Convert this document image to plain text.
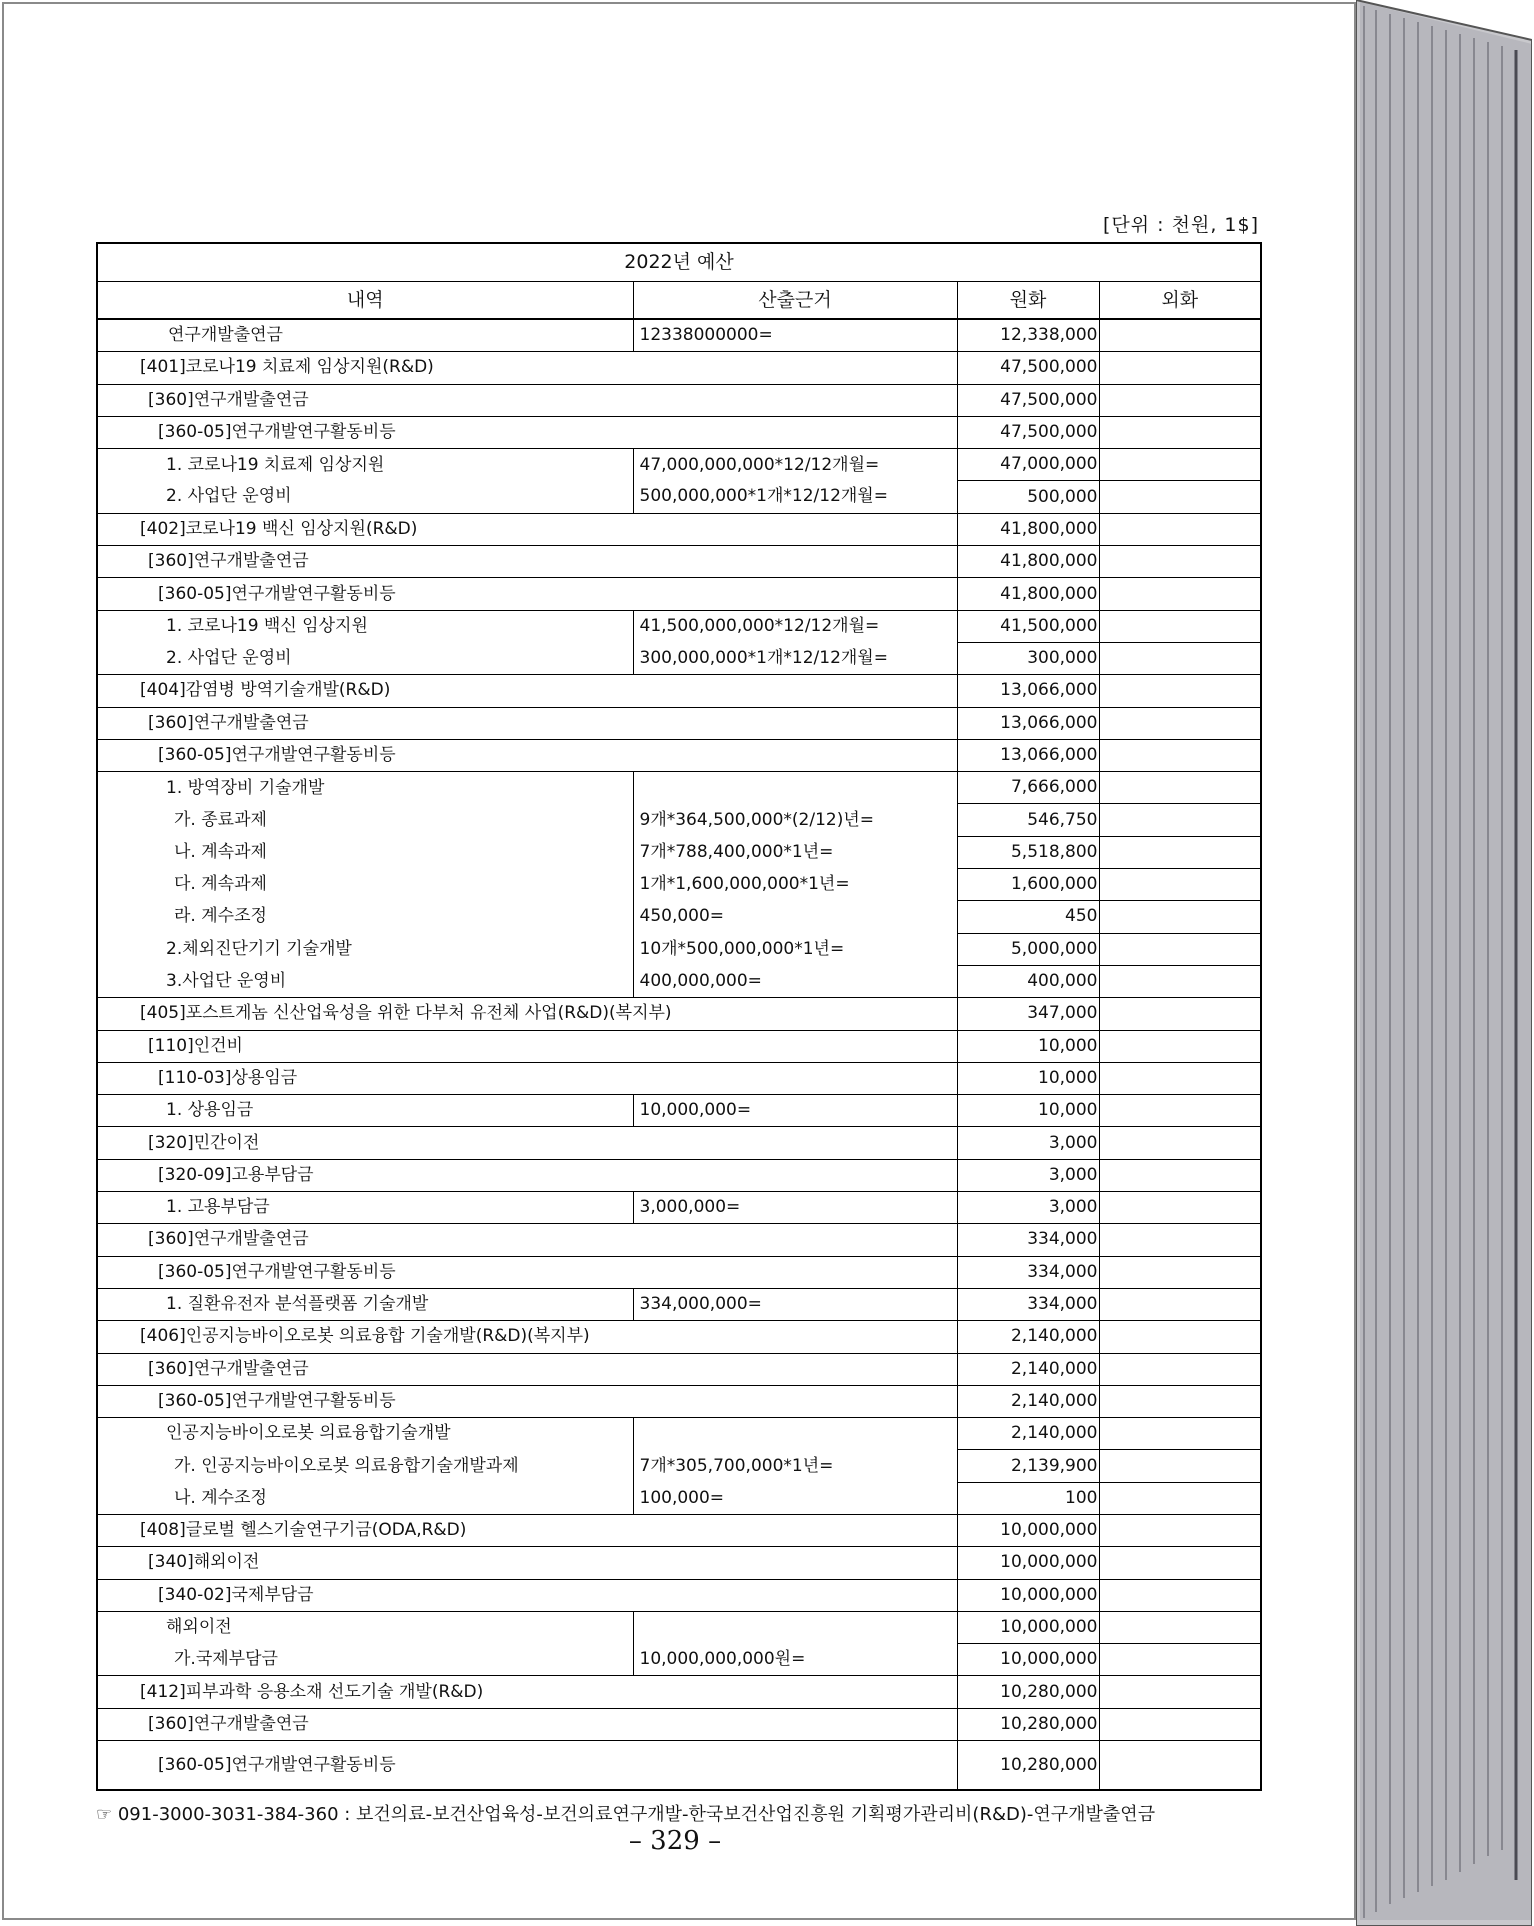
[단위 : 천원, 1$]
2022년 예산			
내역	산출근거	원화	외화
연구개발출연금	12338000000=	12,338,000	
[401]코로나19 치료제 임상지원(R&D)		47,500,000	
[360]연구개발출연금		47,500,000	
[360-05]연구개발연구활동비등		47,500,000	
1. 코로나19 치료제 임상지원	47,000,000,000*12/12개월=	47,000,000	
2. 사업단 운영비	500,000,000*1개*12/12개월=	500,000	
[402]코로나19 백신 임상지원(R&D)		41,800,000	
[360]연구개발출연금		41,800,000	
[360-05]연구개발연구활동비등		41,800,000	
1. 코로나19 백신 임상지원	41,500,000,000*12/12개월=	41,500,000	
2. 사업단 운영비	300,000,000*1개*12/12개월=	300,000	
[404]감염병 방역기술개발(R&D)		13,066,000	
[360]연구개발출연금		13,066,000	
[360-05]연구개발연구활동비등		13,066,000	
1. 방역장비 기술개발		7,666,000	
가. 종료과제	9개*364,500,000*(2/12)년=	546,750	
나. 계속과제	7개*788,400,000*1년=	5,518,800	
다. 계속과제	1개*1,600,000,000*1년=	1,600,000	
라. 계수조정	450,000=	450	
2.체외진단기기 기술개발	10개*500,000,000*1년=	5,000,000	
3.사업단 운영비	400,000,000=	400,000	
[405]포스트게놈 신산업육성을 위한 다부처 유전체 사업(R&D)(복지부)		347,000	
[110]인건비		10,000	
[110-03]상용임금		10,000	
1. 상용임금	10,000,000=	10,000	
[320]민간이전		3,000	
[320-09]고용부담금		3,000	
1. 고용부담금	3,000,000=	3,000	
[360]연구개발출연금		334,000	
[360-05]연구개발연구활동비등		334,000	
1. 질환유전자 분석플랫폼 기술개발	334,000,000=	334,000	
[406]인공지능바이오로봇 의료융합 기술개발(R&D)(복지부)		2,140,000	
[360]연구개발출연금		2,140,000	
[360-05]연구개발연구활동비등		2,140,000	
인공지능바이오로봇 의료융합기술개발		2,140,000	
가. 인공지능바이오로봇 의료융합기술개발과제	7개*305,700,000*1년=	2,139,900	
나. 계수조정	100,000=	100	
[408]글로벌 헬스기술연구기금(ODA,R&D)		10,000,000	
[340]해외이전		10,000,000	
[340-02]국제부담금		10,000,000	
해외이전		10,000,000	
가.국제부담금	10,000,000,000원=	10,000,000	
[412]피부과학 응용소재 선도기술 개발(R&D)		10,280,000	
[360]연구개발출연금		10,280,000	
[360-05]연구개발연구활동비등		10,280,000	
☞ 091-3000-3031-384-360 : 보건의료-보건산업육성-보건의료연구개발-한국보건산업진흥원 기획평가관리비(R&D)-연구개발출연금
– 329 –
